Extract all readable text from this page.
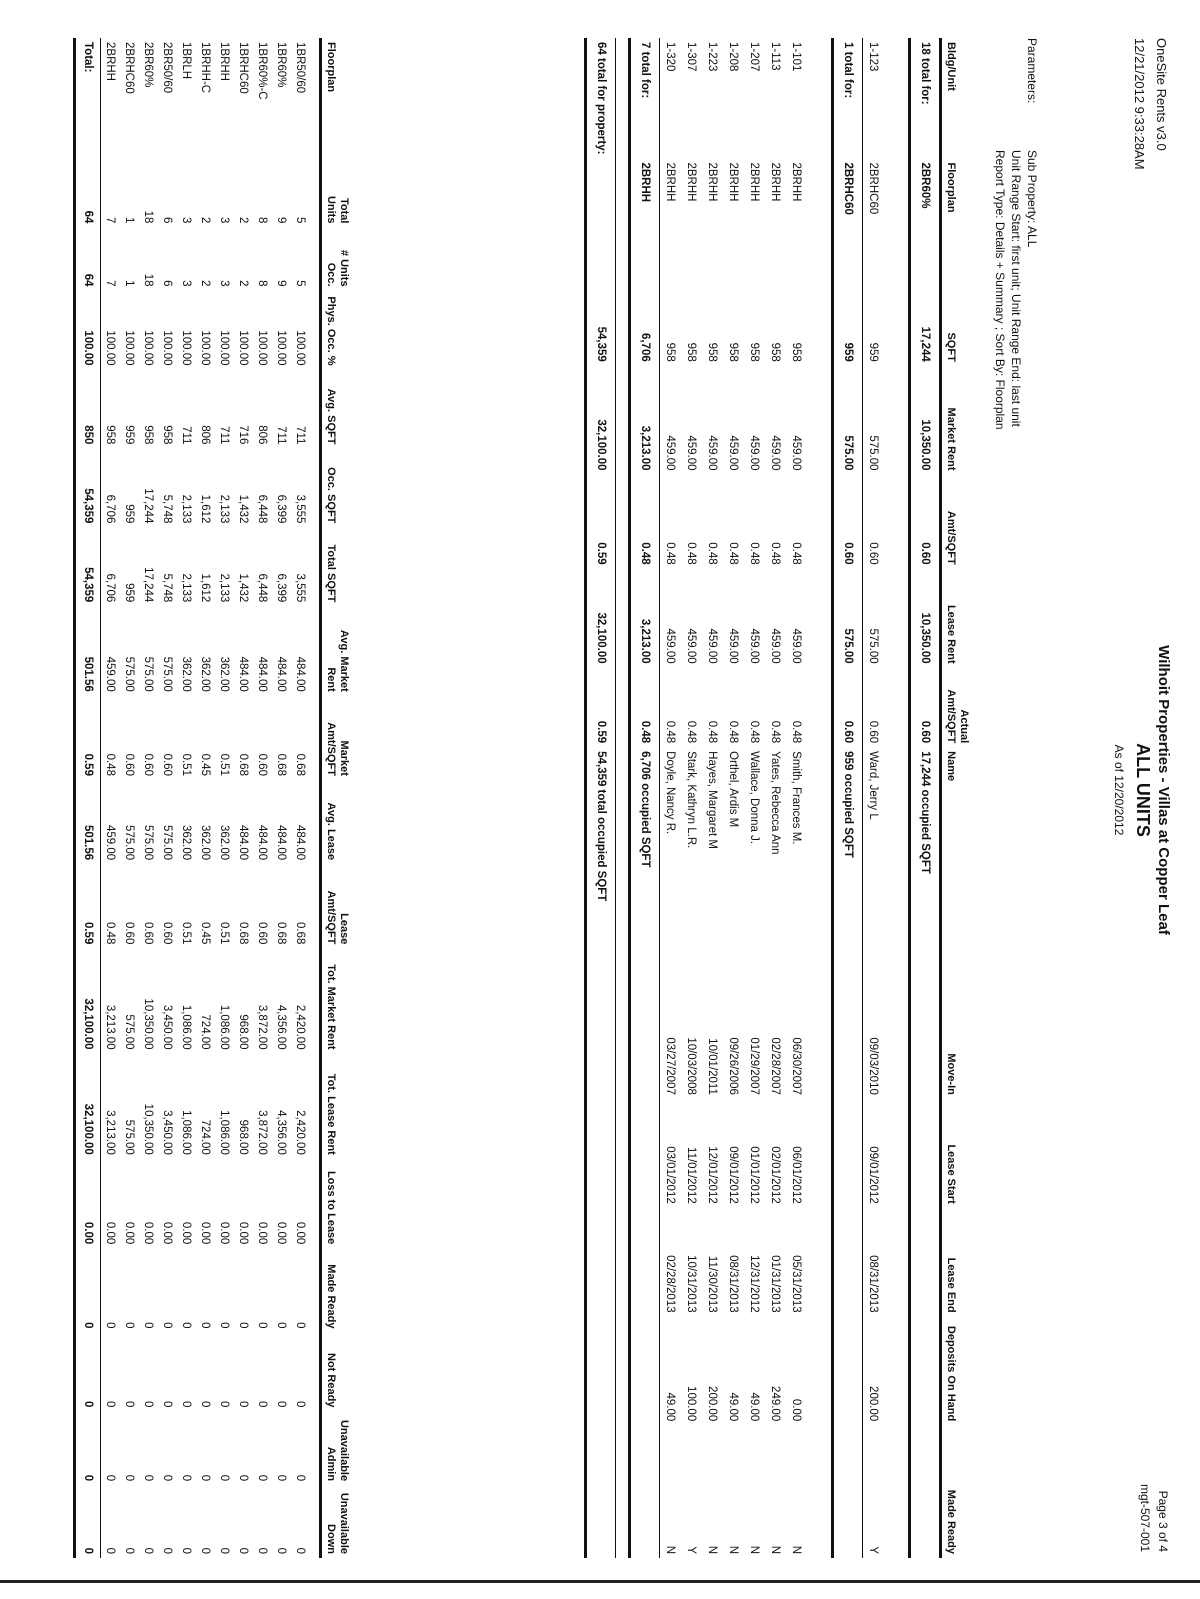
OneSite Rents v3.0
12/21/2012 9:33:28AM
Wilhoit Properties - Villas at Copper Leaf
ALL UNITS
As of 12/20/2012
Page 3 of 4
mgt-507-001
Parameters:
Sub Property: ALL
Unit Range Start: first unit; Unit Range End: last unit
Report Type: Details + Summary ; Sort By: Floorplan
Bldg/Unit	Floorplan	SQFT	Market Rent	Amt/SQFT	Lease Rent	Actual Amt/SQFT	Name	Move-In	Lease Start	Lease End	Deposits On Hand	Made Ready
18 total for:	2BR60%	17,244	10,350.00	0.60	10,350.00	0.60	17,244 occupied SQFT					

1-123	2BRHC60	959	575.00	0.60	575.00	0.60	Ward, Jerry L	09/03/2010	09/01/2012	08/31/2013	200.00	Y
1 total for:	2BRHC60	959	575.00	0.60	575.00	0.60	959 occupied SQFT					

1-101	2BRHH	958	459.00	0.48	459.00	0.48	Smith, Frances M.	06/30/2007	06/01/2012	05/31/2013	0.00	N
1-113	2BRHH	958	459.00	0.48	459.00	0.48	Yates, Rebecca Ann	02/28/2007	02/01/2012	01/31/2013	249.00	N
1-207	2BRHH	958	459.00	0.48	459.00	0.48	Wallace, Donna J.	01/29/2007	01/01/2012	12/31/2012	49.00	N
1-208	2BRHH	958	459.00	0.48	459.00	0.48	Orthel, Ardis M	09/26/2006	09/01/2012	08/31/2013	49.00	N
1-223	2BRHH	958	459.00	0.48	459.00	0.48	Hayes, Margaret M	10/01/2011	12/01/2012	11/30/2013	200.00	N
1-307	2BRHH	958	459.00	0.48	459.00	0.48	Stark, Kathryn L.R.	10/03/2008	11/01/2012	10/31/2013	100.00	Y
1-320	2BRHH	958	459.00	0.48	459.00	0.48	Doyle, Nancy R.	03/27/2007	03/01/2012	02/28/2013	49.00	N
7 total for:	2BRHH	6,706	3,213.00	0.48	3,213.00	0.48	6,706 occupied SQFT					

64 total for property:		54,359	32,100.00	0.59	32,100.00	0.59	54,359 total occupied SQFT					
Floorplan	Total Units	# Units Occ.	Phys. Occ. %	Avg. SQFT	Occ. SQFT	Total SQFT	Avg. Market Rent	Market Amt/SQFT	Avg. Lease	Lease Amt/SQFT	Tot. Market Rent	Tot. Lease Rent	Loss to Lease	Made Ready	Not Ready	Unavailable Admin	Unavailable Down
1BR50/60	5	5	100.00	711	3,555	3,555	484.00	0.68	484.00	0.68	2,420.00	2,420.00	0.00	0	0	0	0
1BR60%	9	9	100.00	711	6,399	6,399	484.00	0.68	484.00	0.68	4,356.00	4,356.00	0.00	0	0	0	0
1BR60%-C	8	8	100.00	806	6,448	6,448	484.00	0.60	484.00	0.60	3,872.00	3,872.00	0.00	0	0	0	0
1BRHC60	2	2	100.00	716	1,432	1,432	484.00	0.68	484.00	0.68	968.00	968.00	0.00	0	0	0	0
1BRHH	3	3	100.00	711	2,133	2,133	362.00	0.51	362.00	0.51	1,086.00	1,086.00	0.00	0	0	0	0
1BRHH-C	2	2	100.00	806	1,612	1,612	362.00	0.45	362.00	0.45	724.00	724.00	0.00	0	0	0	0
1BRLH	3	3	100.00	711	2,133	2,133	362.00	0.51	362.00	0.51	1,086.00	1,086.00	0.00	0	0	0	0
2BR50/60	6	6	100.00	958	5,748	5,748	575.00	0.60	575.00	0.60	3,450.00	3,450.00	0.00	0	0	0	0
2BR60%	18	18	100.00	958	17,244	17,244	575.00	0.60	575.00	0.60	10,350.00	10,350.00	0.00	0	0	0	0
2BRHC60	1	1	100.00	959	959	959	575.00	0.60	575.00	0.60	575.00	575.00	0.00	0	0	0	0
2BRHH	7	7	100.00	958	6,706	6,706	459.00	0.48	459.00	0.48	3,213.00	3,213.00	0.00	0	0	0	0
Total:	64	64	100.00	850	54,359	54,359	501.56	0.59	501.56	0.59	32,100.00	32,100.00	0.00	0	0	0	0
